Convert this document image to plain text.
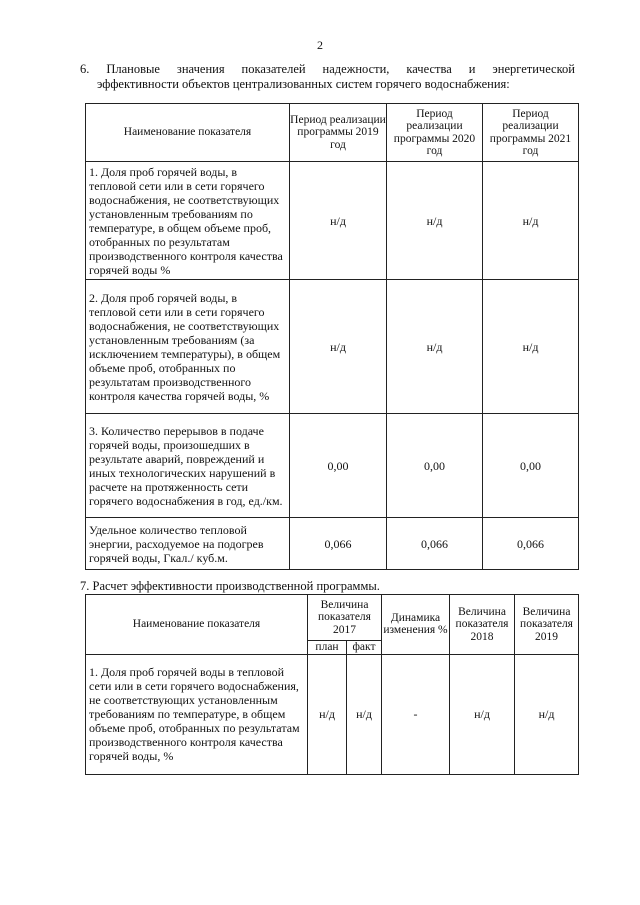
2
6. Плановые значения показателей надежности, качества и энергетической
эффективности объектов централизованных систем горячего водоснабжения:
Наименование показателя	Период реализации программы 2019 год	Период реализации программы 2020 год	Период реализации программы 2021 год
1. Доля проб горячей воды, в тепловой сети или в сети горячего водоснабжения, не соответствующих установленным требованиям по температуре, в общем объеме проб, отобранных по результатам производственного контроля качества горячей воды %	н/д	н/д	н/д
2. Доля проб горячей воды, в тепловой сети или в сети горячего водоснабжения, не соответствующих установленным требованиям (за исключением температуры), в общем объеме проб, отобранных по результатам производственного контроля качества горячей воды, %	н/д	н/д	н/д
3. Количество перерывов в подаче горячей воды, произошедших в результате аварий, повреждений и иных технологических нарушений в расчете на протяженность сети горячего водоснабжения в год, ед./км.	0,00	0,00	0,00
Удельное количество тепловой энергии, расходуемое на подогрев горячей воды, Гкал./ куб.м.	0,066	0,066	0,066
7. Расчет эффективности производственной программы.
Наименование показателя	Величина показателя 2017		Динамика изменения %	Величина показателя 2018	Величина показателя 2019
	план	факт			
1. Доля проб горячей воды в тепловой сети или в сети горячего водоснабжения, не соответствующих установленным требованиям по температуре, в общем объеме проб, отобранных по результатам производственного контроля качества горячей воды, %	н/д	н/д	-	н/д	н/д
